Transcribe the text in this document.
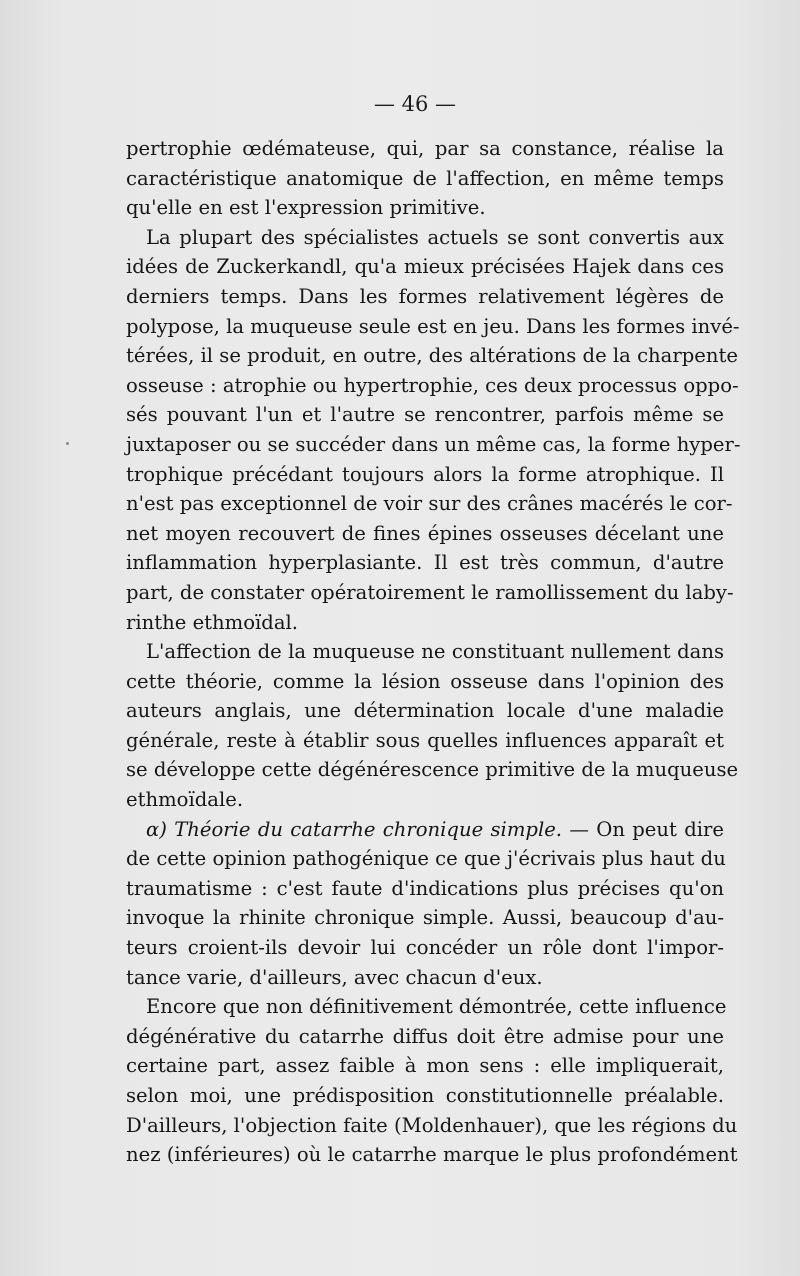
— 46 —

pertrophie œdémateuse, qui, par sa constance, réalise la
caractéristique anatomique de l'affection, en même temps
qu'elle en est l'expression primitive.

La plupart des spécialistes actuels se sont convertis aux
idées de Zuckerkandl, qu'a mieux précisées Hajek dans ces
derniers temps. Dans les formes relativement légères de
polypose, la muqueuse seule est en jeu. Dans les formes invé-
térées, il se produit, en outre, des altérations de la charpente
osseuse : atrophie ou hypertrophie, ces deux processus oppo-
sés pouvant l'un et l'autre se rencontrer, parfois même se
juxtaposer ou se succéder dans un même cas, la forme hyper-
trophique précédant toujours alors la forme atrophique. Il
n'est pas exceptionnel de voir sur des crânes macérés le cor-
net moyen recouvert de fines épines osseuses décelant une
inflammation hyperplasiante. Il est très commun, d'autre
part, de constater opératoirement le ramollissement du laby-
rinthe ethmoïdal.

L'affection de la muqueuse ne constituant nullement dans
cette théorie, comme la lésion osseuse dans l'opinion des
auteurs anglais, une détermination locale d'une maladie
générale, reste à établir sous quelles influences apparaît et
se développe cette dégénérescence primitive de la muqueuse
ethmoïdale.

α) Théorie du catarrhe chronique simple. — On peut dire
de cette opinion pathogénique ce que j'écrivais plus haut du
traumatisme : c'est faute d'indications plus précises qu'on
invoque la rhinite chronique simple. Aussi, beaucoup d'au-
teurs croient-ils devoir lui concéder un rôle dont l'impor-
tance varie, d'ailleurs, avec chacun d'eux.

Encore que non définitivement démontrée, cette influence
dégénérative du catarrhe diffus doit être admise pour une
certaine part, assez faible à mon sens : elle impliquerait,
selon moi, une prédisposition constitutionnelle préalable.
D'ailleurs, l'objection faite (Moldenhauer), que les régions du
nez (inférieures) où le catarrhe marque le plus profondément
